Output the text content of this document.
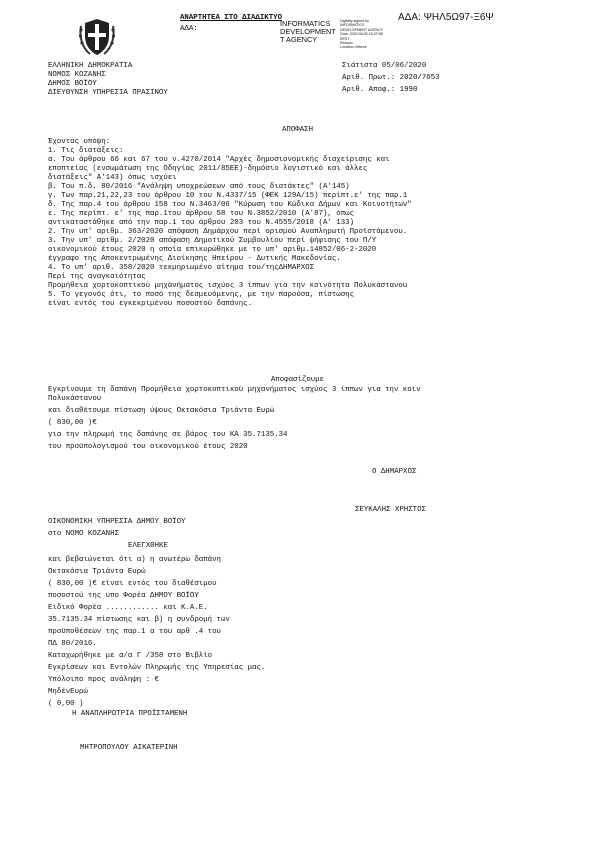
ΑΝΑΡΤΗΤΕΑ ΣΤΟ ΔΙΑΔΙΚΤΥΟ
ΑΔΑ:
ΑΔΑ: ΨΗΛ5Ω97-Ξ6Ψ
INFORMATICS
DEVELOPMENT
T AGENCY
Digitally signed by
INFORMATICS
DEVELOPMENT AGENCY
Date: 2020.06.05 15:37:58
EEST
Reason:
Location: Athens
ΕΛΛΗΝΙΚΗ ΔΗΜΟΚΡΑΤΙΑ
ΝΟΜΟΣ ΚΟΖΑΝΗΣ
ΔΗΜΟΣ ΒΟΪΟΥ
ΔΙΕΥΘΥΝΣΗ ΥΠΗΡΕΣΙΑ ΠΡΑΣΙΝΟΥ
Σιάτιστα 05/06/2020
Αριθ. Πρωτ.: 2020/7653
Αριθ. Αποφ.: 1990
ΑΠΟΦΑΣΗ
Έχοντας υπόψη:
1. Τις διατάξεις:
α. Του άρθρου 66 και 67 του ν.4270/2014 "Αρχές δημοσιονομικής διαχείρισης και
εποπτείας (ενσωμάτωση της Οδηγίας 2011/85ΕΕ)-δημόσιο λογιστικό και άλλες
διατάξεις" Α'143) όπως ισχύει
β. Του π.δ. 80/2016 "Ανάληψη υποχρεώσεων από τους διατάκτες" (Α'145)
γ. Των παρ.21,22,23 του άρθρου 10 του Ν.4337/15 (ΦΕΚ 129Α/15) περίπτ.ε' της παρ.1
δ. Της παρ.4 του άρθρου 158 του Ν.3463/06 "Κύρωση του Κώδικα Δήμων και Κοινοτήτων"
ε. Της περίπτ. ε' της παρ.1του άρθρου 58 του Ν.3852/2010 (Α'87), όπως
αντικαταστάθηκε από την παρ.1 του άρθρου 203 του Ν.4555/2018 (Α' 133)
2. Την υπ' αριθμ. 363/2020 απόφαση Δημάρχου περί ορισμού Αναπληρωτή Προϊστάμενου.
3. Την υπ' αριθμ. 2/2020 απόφαση Δημοτικού Συμβουλίου περί ψήφισης του Π/Υ
οικονομικού έτους 2020 η οποία επικυρώθηκε με το υπ' αριθμ.14852/06-2-2020
έγγραφο της Αποκεντρωμένης Διοίκησης Ηπείρου - Δυτικής Μακεδονίας.
4. Το υπ' αριθ. 358/2020 τεκμηριωμένο αίτημα του/τηςΔΗΜΑΡΧΟΣ
Περί της αναγκαιότητας
Προμήθεια χορτοκοπτικού μηχανήματος ισχύος 3 ίππων για την κοινότητα Πολυκάστανου
5. Το γεγονός ότι, το ποσό της δεσμευόμενης, με την παρούσα, πίστωσης
είναι εντός του εγκεκριμένου ποσοστού δαπάνης.
Αποφασίζουμε
Εγκρίνουμε τη δαπάνη Προμήθεια χορτοκοπτικού μηχανήματος ισχύος 3 ίππων για την κοιν
Πολυκάστανου
και διαθέτουμε πίστωση ύψους Οκτακόσια Τριάντα Ευρώ
( 830,00 )€
για την πληρωμή της δαπάνης σε βάρος του ΚΑ 35.7135.34
του προϋπολογισμού του οικονομικού έτους 2020
Ο ΔΗΜΑΡΧΟΣ
ΣΕΥΚΑΛΗΣ ΧΡΗΣΤΟΣ
ΟΙΚΟΝΟΜΙΚΗ ΥΠΗΡΕΣΙΑ ΔΗΜΟΥ ΒΟΪΟΥ
στο ΝΟΜΟ ΚΟΖΑΝΗΣ
ΕΛΕΓΧΘΗΚΕ
και βεβαιώνεται ότι α) η ανωτέρω δαπάνη
Οκτακόσια Τριάντα Ευρώ
( 830,00 )€ είναι εντός του διαθέσιμου
ποσοστού της υπο Φορέα ΔΗΜΟΥ ΒΟΪΟΥ
Ειδικό Φορέα ............ και Κ.Α.Ε.
35.7135.34 πίστωσης και β) η συνδρομή των
προϋποθέσεων της παρ.1 α του αρθ .4 του
ΠΔ 80/2016.
Καταχωρήθηκε με α/α Γ /358 στο Βιβλίο
Εγκρίσεων και Εντολών Πληρωμής της Υπηρεσίας μας.
Υπόλοιπο προς ανάληψη : €
ΜηδένΕυρώ
( 0,00 )
Η ΑΝΑΠΛΗΡΩΤΡΙΑ ΠΡΟΪΣΤΑΜΕΝΗ
ΜΗΤΡΟΠΟΥΛΟΥ ΑΙΚΑΤΕΡΙΝΗ
